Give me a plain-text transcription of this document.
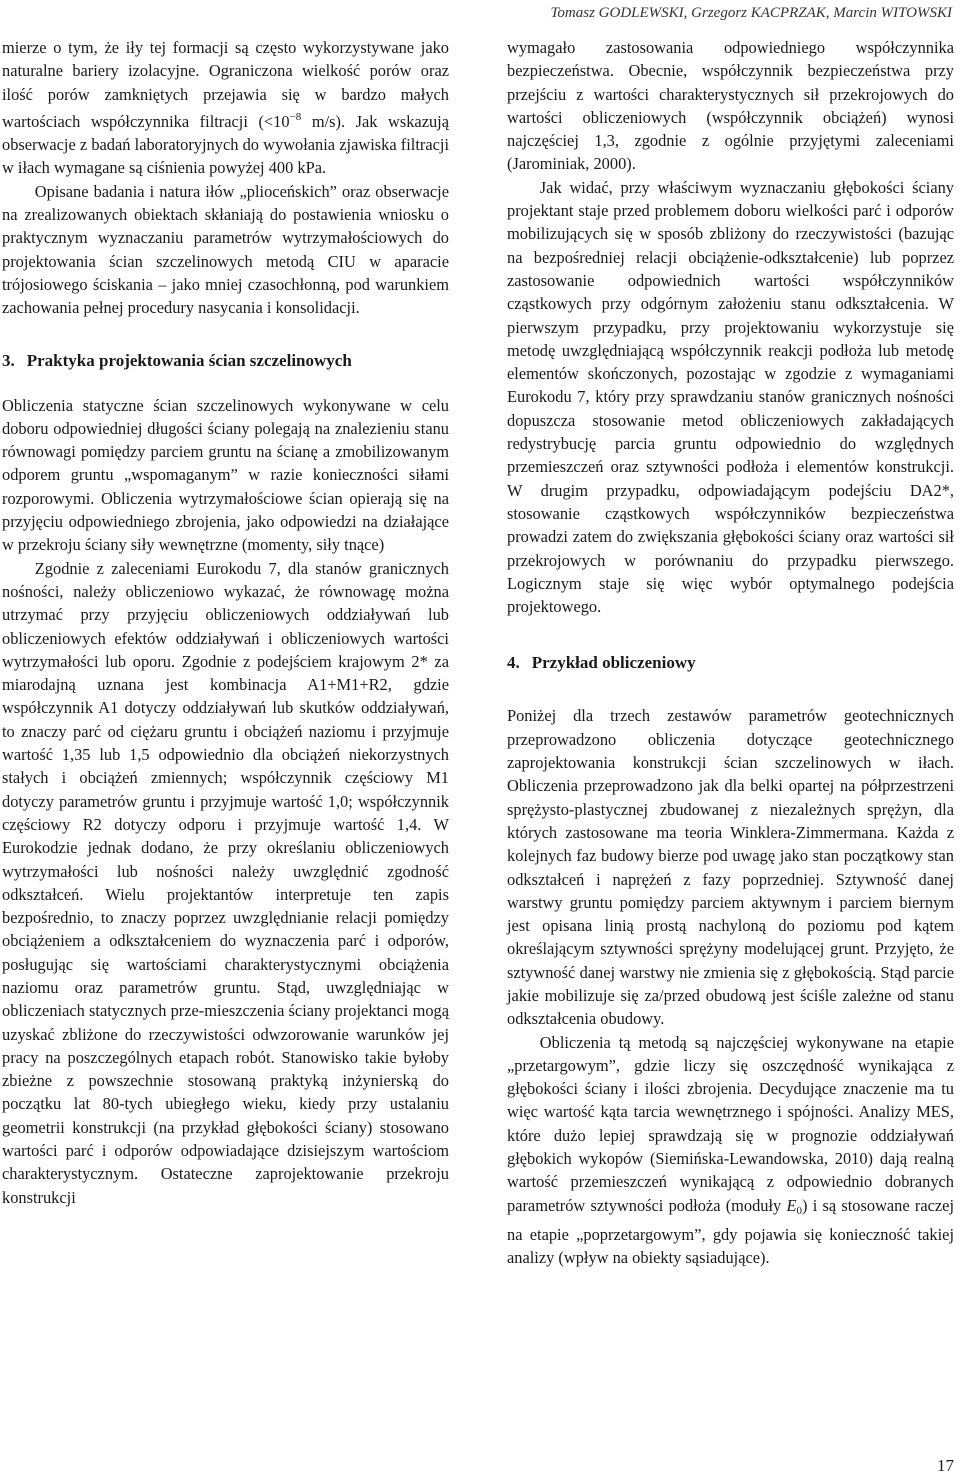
Tomasz GODLEWSKI, Grzegorz KACPRZAK, Marcin WITOWSKI

mierze o tym, że iły tej formacji są często wykorzystywane jako naturalne bariery izolacyjne. Ograniczona wielkość porów oraz ilość porów zamkniętych przejawia się w bardzo małych wartościach współczynnika filtracji ($<10^{-8}$ m/s). Jak wskazują obserwacje z badań laboratoryjnych do wywołania zjawiska filtracji w iłach wymagane są ciśnienia powyżej 400 kPa.

Opisane badania i natura iłów „plioceńskich” oraz obserwacje na zrealizowanych obiektach skłaniają do postawienia wniosku o praktycznym wyznaczaniu parametrów wytrzymałościowych do projektowania ścian szczelinowych metodą CIU w aparacie trójosiowego ściskania – jako mniej czasochłonną, pod warunkiem zachowania pełnej procedury nasycania i konsolidacji.

3. Praktyka projektowania ścian szczelinowych

Obliczenia statyczne ścian szczelinowych wykonywane w celu doboru odpowiedniej długości ściany polegają na znalezieniu stanu równowagi pomiędzy parciem gruntu na ścianę a zmobilizowanym odporem gruntu „wspomaganym” w razie konieczności siłami rozporowymi. Obliczenia wytrzymałościowe ścian opierają się na przyjęciu odpowiedniego zbrojenia, jako odpowiedzi na działające w przekroju ściany siły wewnętrzne (momenty, siły tnące)

Zgodnie z zaleceniami Eurokodu 7, dla stanów granicznych nośności, należy obliczeniowo wykazać, że równowagę można utrzymać przy przyjęciu obliczeniowych oddziaływań lub obliczeniowych efektów oddziaływań i obliczeniowych wartości wytrzymałości lub oporu. Zgodnie z podejściem krajowym 2* za miarodajną uznana jest kombinacja A1+M1+R2, gdzie współczynnik A1 dotyczy oddziaływań lub skutków oddziaływań, to znaczy parć od ciężaru gruntu i obciążeń naziomu i przyjmuje wartość 1,35 lub 1,5 odpowiednio dla obciążeń niekorzystnych stałych i obciążeń zmiennych; współczynnik częściowy M1 dotyczy parametrów gruntu i przyjmuje wartość 1,0; współczynnik częściowy R2 dotyczy odporu i przyjmuje wartość 1,4. W Eurokodzie jednak dodano, że przy określaniu obliczeniowych wytrzymałości lub nośności należy uwzględnić zgodność odkształceń. Wielu projektantów interpretuje ten zapis bezpośrednio, to znaczy poprzez uwzględnianie relacji pomiędzy obciążeniem a odkształceniem do wyznaczenia parć i odporów, posługując się wartościami charakterystycznymi obciążenia naziomu oraz parametrów gruntu. Stąd, uwzględniając w obliczeniach statycznych prze-mieszczenia ściany projektanci mogą uzyskać zbliżone do rzeczywistości odwzorowanie warunków jej pracy na poszczególnych etapach robót. Stanowisko takie byłoby zbieżne z powszechnie stosowaną praktyką inżynierską do początku lat 80-tych ubiegłego wieku, kiedy przy ustalaniu geometrii konstrukcji (na przykład głębokości ściany) stosowano wartości parć i odporów odpowiadające dzisiejszym wartościom charakterystycznym. Ostateczne zaprojektowanie przekroju konstrukcji

wymagało zastosowania odpowiedniego współczynnika bezpieczeństwa. Obecnie, współczynnik bezpieczeństwa przy przejściu z wartości charakterystycznych sił przekrojowych do wartości obliczeniowych (współczynnik obciążeń) wynosi najczęściej 1,3, zgodnie z ogólnie przyjętymi zaleceniami (Jarominiak, 2000).

Jak widać, przy właściwym wyznaczaniu głębokości ściany projektant staje przed problemem doboru wielkości parć i odporów mobilizujących się w sposób zbliżony do rzeczywistości (bazując na bezpośredniej relacji obciążenie-odkształcenie) lub poprzez zastosowanie odpowiednich wartości współczynników cząstkowych przy odgórnym założeniu stanu odkształcenia. W pierwszym przypadku, przy projektowaniu wykorzystuje się metodę uwzględniającą współczynnik reakcji podłoża lub metodę elementów skończonych, pozostając w zgodzie z wymaganiami Eurokodu 7, który przy sprawdzaniu stanów granicznych nośności dopuszcza stosowanie metod obliczeniowych zakładających redystrybucję parcia gruntu odpowiednio do względnych przemieszczeń oraz sztywności podłoża i elementów konstrukcji. W drugim przypadku, odpowiadającym podejściu DA2*, stosowanie cząstkowych współczynników bezpieczeństwa prowadzi zatem do zwiększania głębokości ściany oraz wartości sił przekrojowych w porównaniu do przypadku pierwszego. Logicznym staje się więc wybór optymalnego podejścia projektowego.

4. Przykład obliczeniowy

Poniżej dla trzech zestawów parametrów geotechnicznych przeprowadzono obliczenia dotyczące geotechnicznego zaprojektowania konstrukcji ścian szczelinowych w iłach. Obliczenia przeprowadzono jak dla belki opartej na półprzestrzeni sprężysto-plastycznej zbudowanej z niezależnych sprężyn, dla których zastosowane ma teoria Winklera-Zimmermana. Każda z kolejnych faz budowy bierze pod uwagę jako stan początkowy stan odkształceń i naprężeń z fazy poprzedniej. Sztywność danej warstwy gruntu pomiędzy parciem aktywnym i parciem biernym jest opisana linią prostą nachyloną do poziomu pod kątem określającym sztywności sprężyny modelującej grunt. Przyjęto, że sztywność danej warstwy nie zmienia się z głębokością. Stąd parcie jakie mobilizuje się za/przed obudową jest ściśle zależne od stanu odkształcenia obudowy.

Obliczenia tą metodą są najczęściej wykonywane na etapie „przetargowym”, gdzie liczy się oszczędność wynikająca z głębokości ściany i ilości zbrojenia. Decydujące znaczenie ma tu więc wartość kąta tarcia wewnętrznego i spójności. Analizy MES, które dużo lepiej sprawdzają się w prognozie oddziaływań głębokich wykopów (Siemińska-Lewandowska, 2010) dają realną wartość przemieszczeń wynikającą z odpowiednio dobranych parametrów sztywności podłoża (moduły $E_0$) i są stosowane raczej na etapie „poprzetargowym”, gdy pojawia się konieczność takiej analizy (wpływ na obiekty sąsiadujące).

17
